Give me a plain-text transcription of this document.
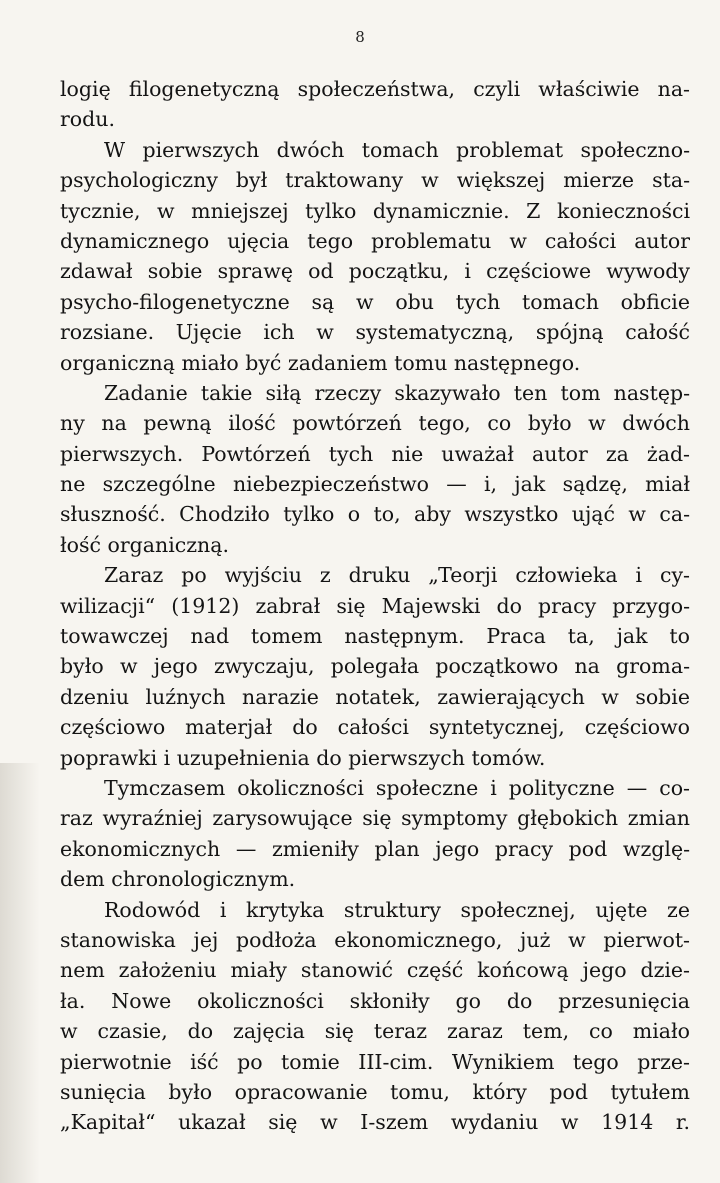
8
logię filogenetyczną społeczeństwa, czyli właściwie na-
rodu.
W pierwszych dwóch tomach problemat społeczno-
psychologiczny był traktowany w większej mierze sta-
tycznie, w mniejszej tylko dynamicznie. Z konieczności
dynamicznego ujęcia tego problematu w całości autor
zdawał sobie sprawę od początku, i częściowe wywody
psycho-filogenetyczne są w obu tych tomach obficie
rozsiane. Ujęcie ich w systematyczną, spójną całość
organiczną miało być zadaniem tomu następnego.
Zadanie takie siłą rzeczy skazywało ten tom następ-
ny na pewną ilość powtórzeń tego, co było w dwóch
pierwszych. Powtórzeń tych nie uważał autor za żad-
ne szczególne niebezpieczeństwo — i, jak sądzę, miał
słuszność. Chodziło tylko o to, aby wszystko ująć w ca-
łość organiczną.
Zaraz po wyjściu z druku „Teorji człowieka i cy-
wilizacji“ (1912) zabrał się Majewski do pracy przygo-
towawczej nad tomem następnym. Praca ta, jak to
było w jego zwyczaju, polegała początkowo na groma-
dzeniu luźnych narazie notatek, zawierających w sobie
częściowo materjał do całości syntetycznej, częściowo
poprawki i uzupełnienia do pierwszych tomów.
Tymczasem okoliczności społeczne i polityczne — co-
raz wyraźniej zarysowujące się symptomy głębokich zmian
ekonomicznych — zmieniły plan jego pracy pod wzglę-
dem chronologicznym.
Rodowód i krytyka struktury społecznej, ujęte ze
stanowiska jej podłoża ekonomicznego, już w pierwot-
nem założeniu miały stanowić część końcową jego dzie-
ła. Nowe okoliczności skłoniły go do przesunięcia
w czasie, do zajęcia się teraz zaraz tem, co miało
pierwotnie iść po tomie III-cim. Wynikiem tego prze-
sunięcia było opracowanie tomu, który pod tytułem
„Kapitał“ ukazał się w I-szem wydaniu w 1914 r.
